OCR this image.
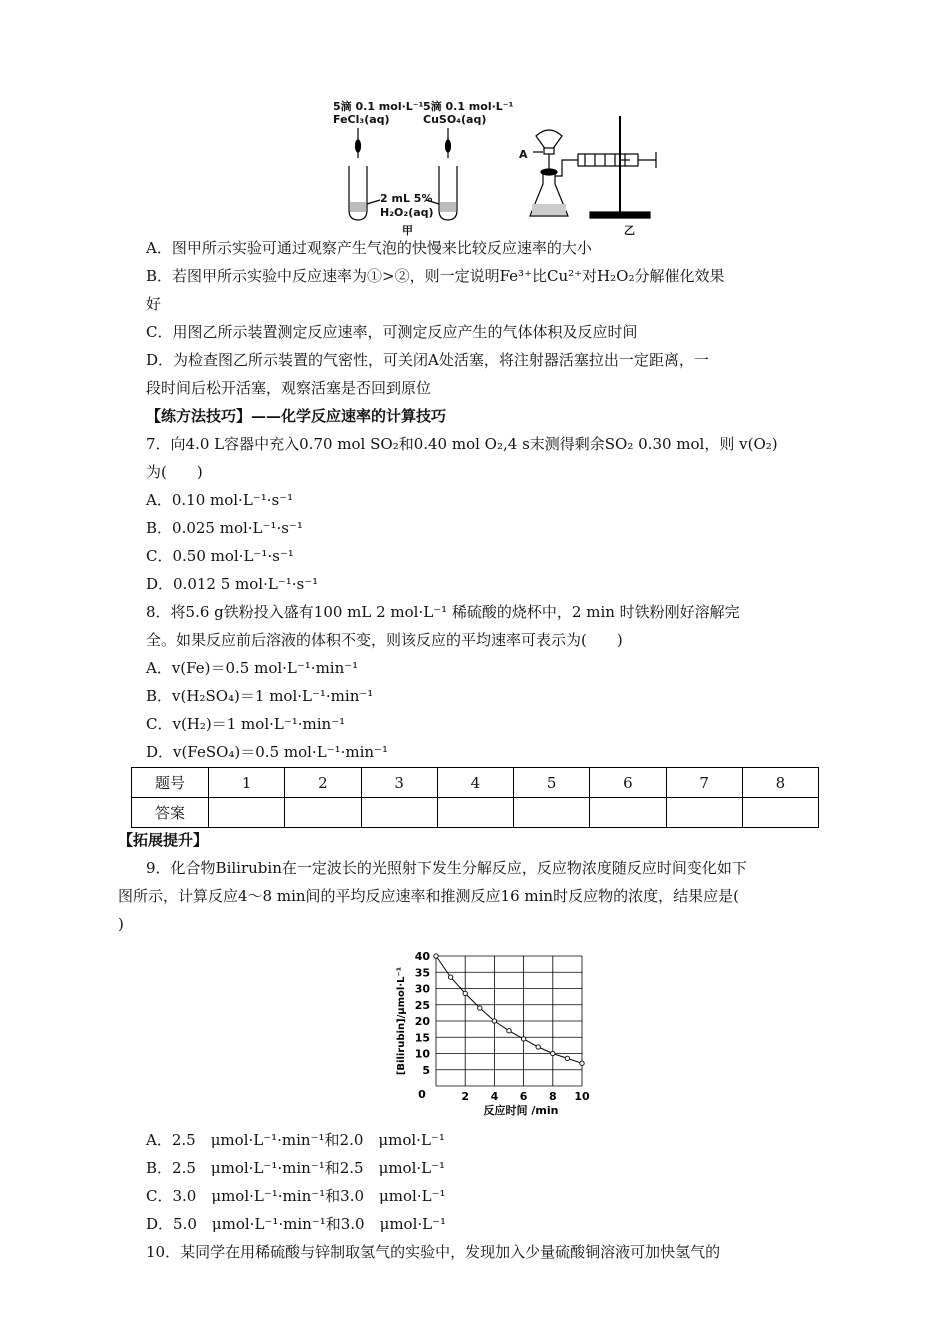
5滴 0.1 mol·L⁻¹
FeCl₃(aq)
5滴 0.1 mol·L⁻¹
CuSO₄(aq)
2 mL 5%
H₂O₂(aq)
甲
A
乙
A．图甲所示实验可通过观察产生气泡的快慢来比较反应速率的大小
B．若图甲所示实验中反应速率为①>②，则一定说明Fe³⁺比Cu²⁺对H₂O₂分解催化效果
好
C．用图乙所示装置测定反应速率，可测定反应产生的气体体积及反应时间
D．为检查图乙所示装置的气密性，可关闭A处活塞，将注射器活塞拉出一定距离，一
段时间后松开活塞，观察活塞是否回到原位
【练方法技巧】——化学反应速率的计算技巧
7．向4.0 L容器中充入0.70 mol SO₂和0.40 mol O₂,4 s末测得剩余SO₂ 0.30 mol，则 v(O₂)
为(　　)
A．0.10 mol·L⁻¹·s⁻¹
B．0.025 mol·L⁻¹·s⁻¹
C．0.50 mol·L⁻¹·s⁻¹
D．0.012 5 mol·L⁻¹·s⁻¹
8．将5.6 g铁粉投入盛有100 mL 2 mol·L⁻¹ 稀硫酸的烧杯中，2 min 时铁粉刚好溶解完
全。如果反应前后溶液的体积不变，则该反应的平均速率可表示为(　　)
A．v(Fe)＝0.5 mol·L⁻¹·min⁻¹
B．v(H₂SO₄)＝1 mol·L⁻¹·min⁻¹
C．v(H₂)＝1 mol·L⁻¹·min⁻¹
D．v(FeSO₄)＝0.5 mol·L⁻¹·min⁻¹
题号	1	2	3	4	5	6	7	8
答案								
【拓展提升】
9．化合物Bilirubin在一定波长的光照射下发生分解反应，反应物浓度随反应时间变化如下
图所示，计算反应4～8 min间的平均反应速率和推测反应16 min时反应物的浓度，结果应是(
)
5
10
15
20
25
30
35
40
2 4 6 8 10
0
反应时间 /min
[Bilirubin]/μmol·L⁻¹
A．2.5　μmol·L⁻¹·min⁻¹和2.0　μmol·L⁻¹
B．2.5　μmol·L⁻¹·min⁻¹和2.5　μmol·L⁻¹
C．3.0　μmol·L⁻¹·min⁻¹和3.0　μmol·L⁻¹
D．5.0　μmol·L⁻¹·min⁻¹和3.0　μmol·L⁻¹
10．某同学在用稀硫酸与锌制取氢气的实验中，发现加入少量硫酸铜溶液可加快氢气的
